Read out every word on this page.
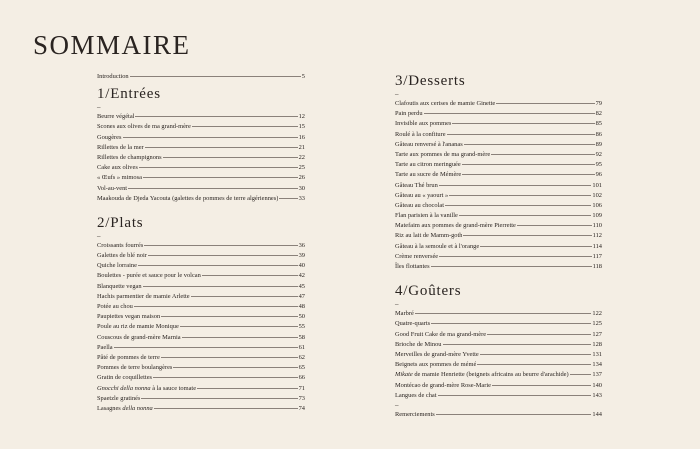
SOMMAIRE
Introduction	5
1/Entrées
–
Beurre végétal	12
Scones aux olives de ma grand-mère	15
Gougères	16
Rillettes de la mer	21
Rillettes de champignons	22
Cake aux olives	25
« Œufs » mimosa	26
Vol-au-vent	30
Maakouda de Djeda Yacouta (galettes de pommes de terre algériennes)	33
2/Plats
–
Croissants fourrés	36
Galettes de blé noir	39
Quiche lorraine	40
Boulettes - purée et sauce pour le volcan	42
Blanquette vegan	45
Hachis parmentier de mamie Arlette	47
Potée au chou	48
Paupiettes vegan maison	50
Poule au riz de mamie Monique	55
Couscous de grand-mère Marnia	58
Paella	61
Pâté de pommes de terre	62
Pommes de terre boulangères	65
Gratin de coquillettes	66
Gnocchi della nonna à la sauce tomate	71
Spaetzle gratinés	73
Lasagnes della nonna	74
3/Desserts
–
Clafoutis aux cerises de mamie Ginette	79
Pain perdu	82
Invisible aux pommes	85
Roulé à la confiture	86
Gâteau renversé à l'ananas	89
Tarte aux pommes de ma grand-mère	92
Tarte au citron meringuée	95
Tarte au sucre de Mémère	96
Gâteau Thé brun	101
Gâteau au « yaourt »	102
Gâteau au chocolat	106
Flan parisien à la vanille	109
Matefaim aux pommes de grand-mère Pierrette	110
Riz au lait de Mamm-goth	112
Gâteau à la semoule et à l'orange	114
Crème renversée	117
Îles flottantes	118
4/Goûters
–
Marbré	122
Quatre-quarts	125
Good Fruit Cake de ma grand-mère	127
Brioche de Minou	128
Merveilles de grand-mère Yvette	131
Beignets aux pommes de mémé	134
Mikate de mamie Henriette (beignets africains au beurre d'arachide)	137
Montécao de grand-mère Rose-Marie	140
Langues de chat	143
–
Remerciements	144
